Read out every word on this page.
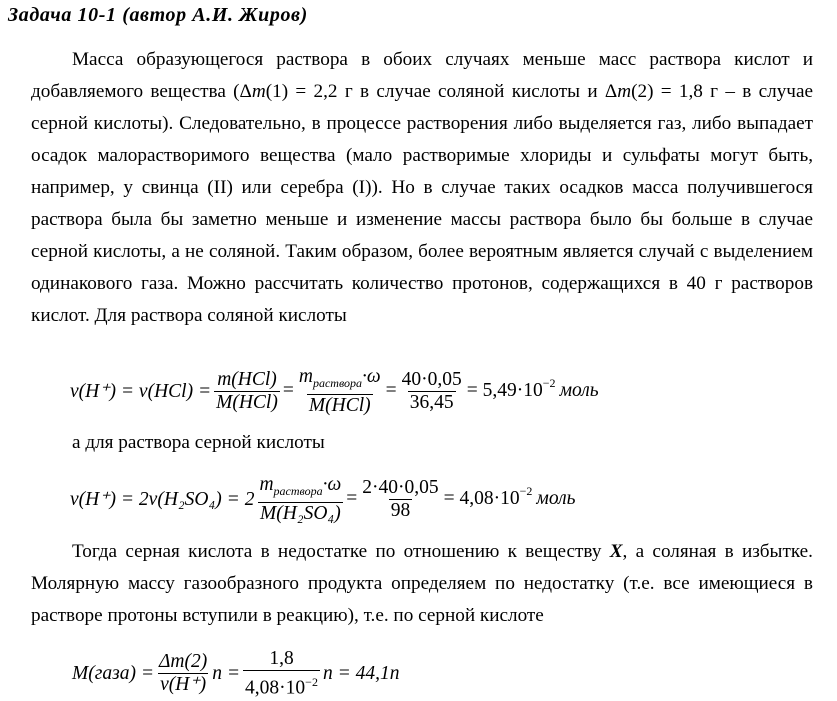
Задача 10-1 (автор А.И. Жиров)

Масса образующегося раствора в обоих случаях меньше масс раствора кислот и добавляемого вещества (Δm(1) = 2,2 г в случае соляной кислоты и Δm(2) = 1,8 г – в случае серной кислоты). Следовательно, в процессе растворения либо выделяется газ, либо выпадает осадок малорастворимого вещества (мало растворимые хлориды и сульфаты могут быть, например, у свинца (II) или серебра (I)). Но в случае таких осадков масса получившегося раствора была бы заметно меньше и изменение массы раствора было бы больше в случае серной кислоты, а не соляной. Таким образом, более вероятным является случай с выделением одинакового газа. Можно рассчитать количество протонов, содержащихся в 40 г растворов кислот. Для раствора соляной кислоты

$\nu(H^+) = \nu(HCl) = \frac{\text{m(HCl)}}{\text{M(HCl)}} = \frac{m_{раствора}\cdot\omega}{\text{M(HCl)}} = \frac{40\cdot 0,05}{36,45} = 5,49\cdot 10^{-2}$ моль
а для раствора серной кислоты
$\nu(H^+) = 2\nu(H_2SO_4) = 2 \frac{m_{раствора}\cdot\omega}{\text{M(H₂SO₄)}} = \frac{2\cdot 40\cdot 0,05}{98} = 4,08\cdot 10^{-2}$ моль

Тогда серная кислота в недостатке по отношению к веществу X, а соляная в избытке. Молярную массу газообразного продукта определяем по недостатку (т.е. все имеющиеся в растворе протоны вступили в реакцию), т.е. по серной кислоте

M(газа) = $\frac{\Delta m(2)}{\nu(H^+)}$ $n = \frac{1,8}{4,08\cdot 10^{-2}}$ n = 44,1n
